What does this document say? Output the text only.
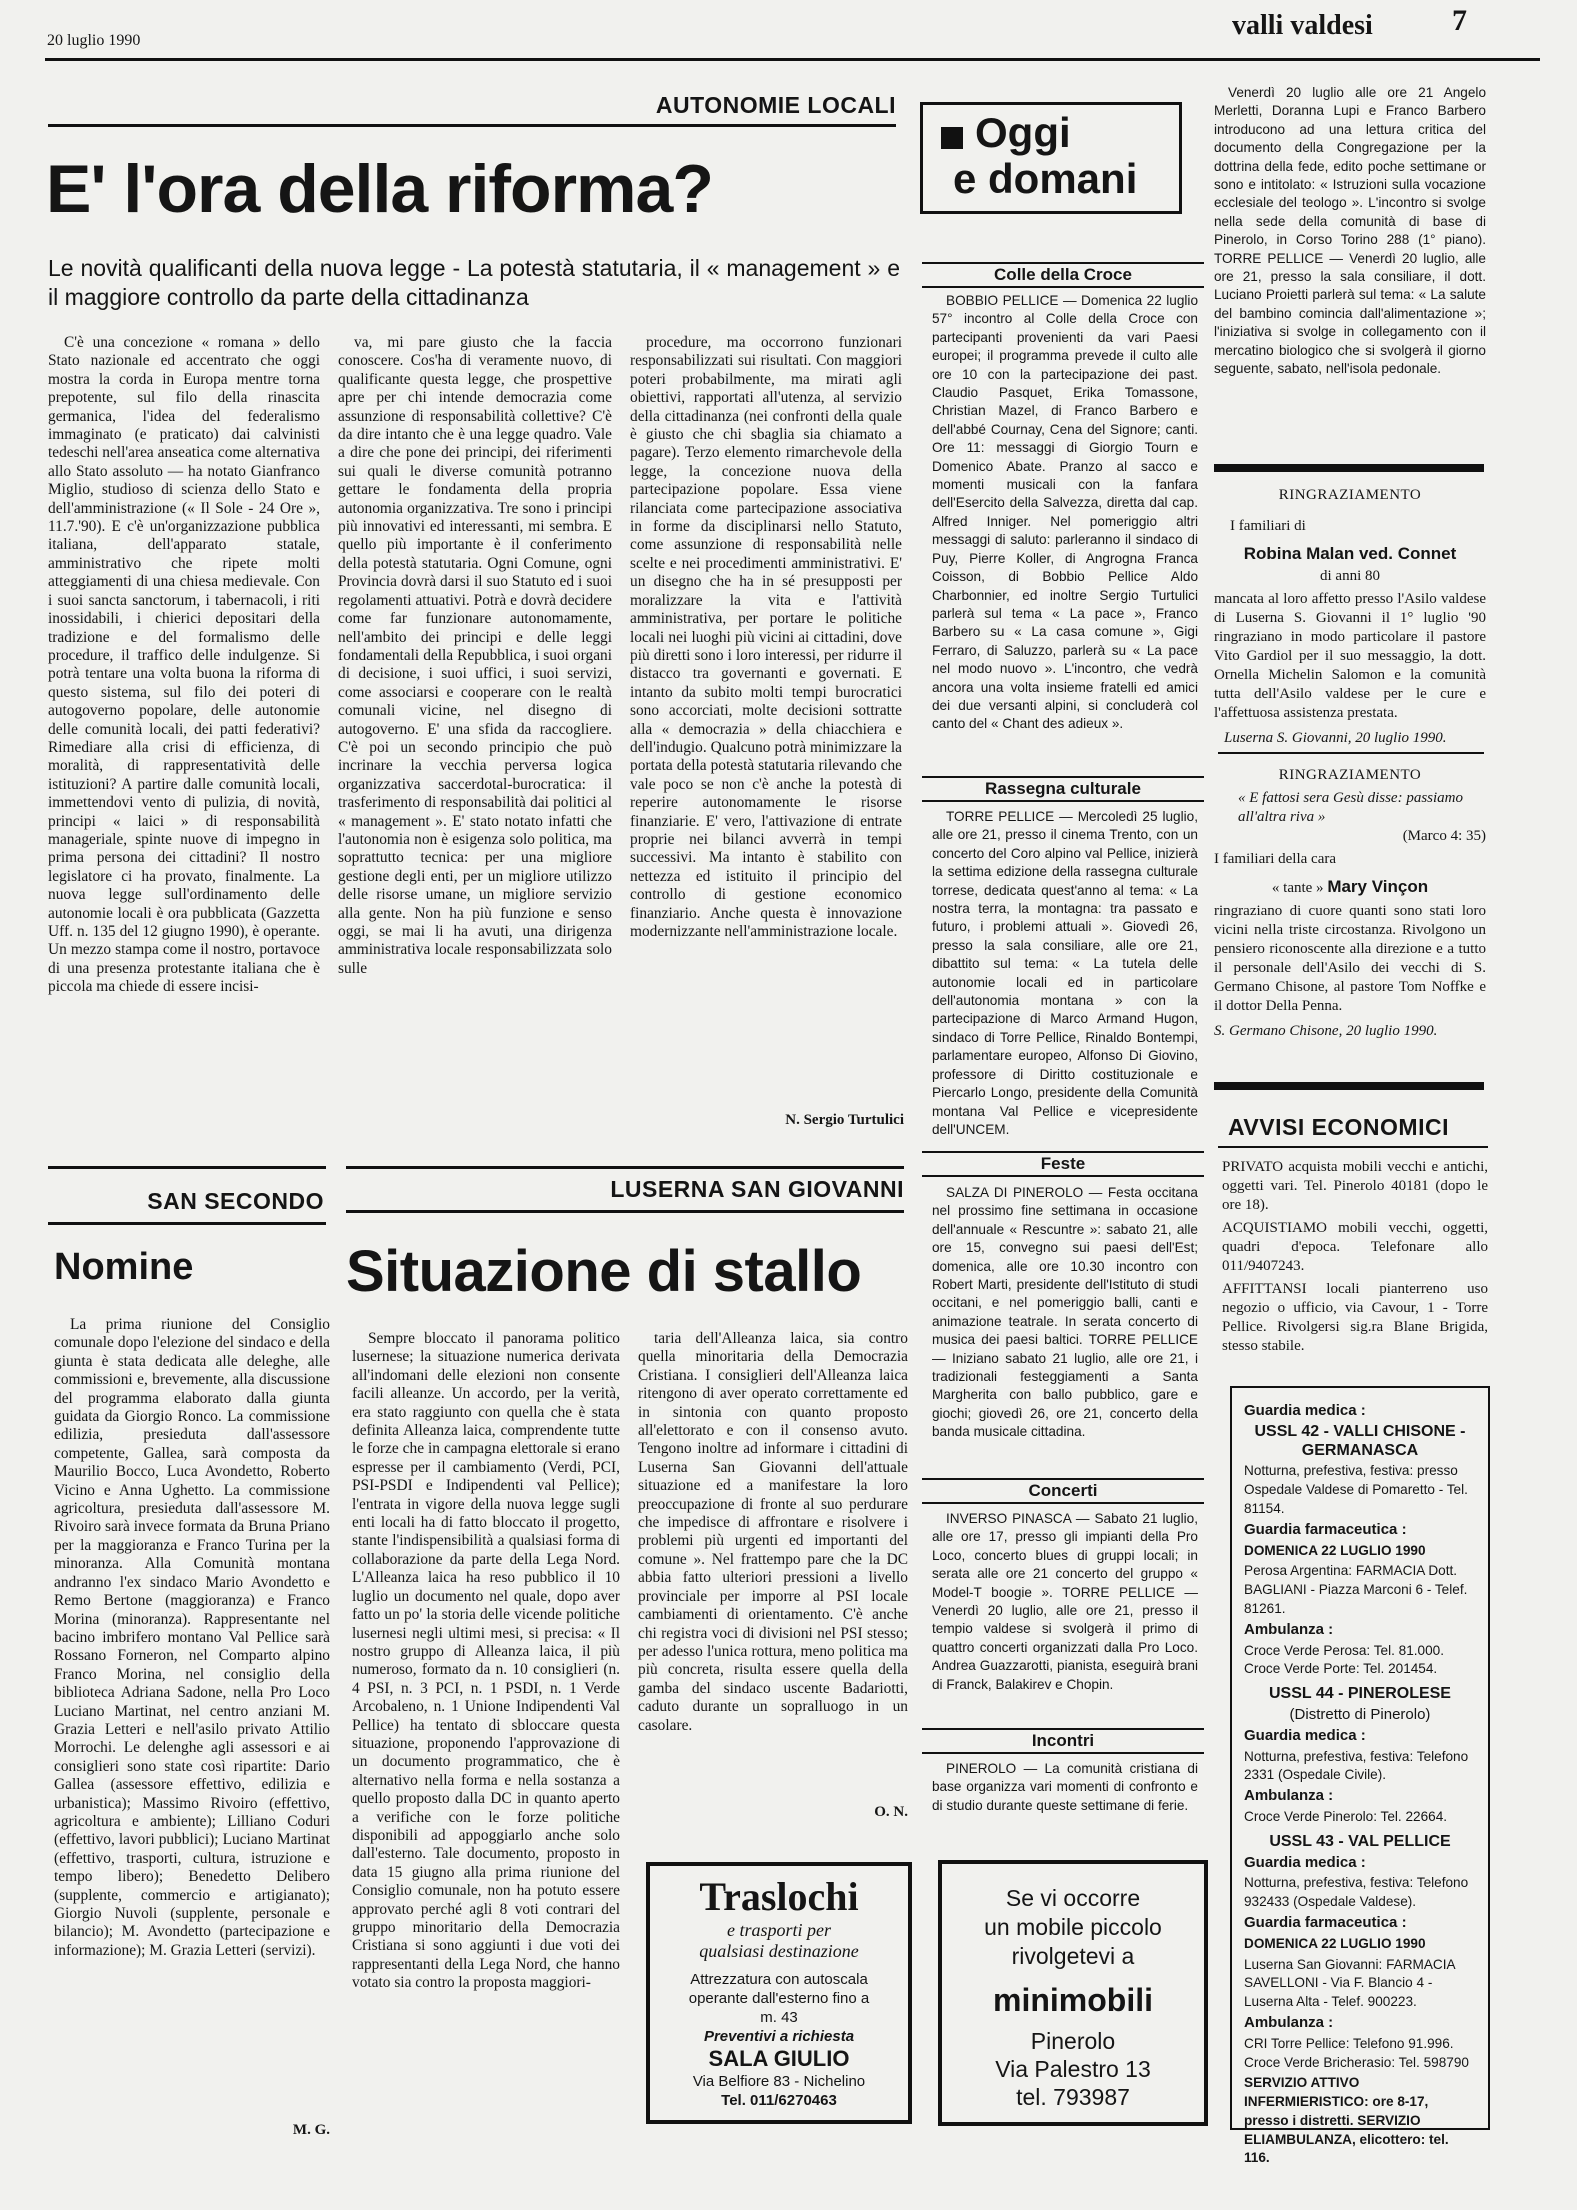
20 luglio 1990	valli valdesi	7
AUTONOMIE LOCALI
E' l'ora della riforma?
Le novità qualificanti della nuova legge - La potestà statutaria, il « management » e il maggiore controllo da parte della cittadinanza

C'è una concezione « romana » dello Stato nazionale ed accentrato che oggi mostra la corda in Europa mentre torna prepotente, sul filo della rinascita germanica, l'idea del federalismo immaginato (e praticato) dai calvinisti tedeschi nell'area anseatica come alternativa allo Stato assoluto — ha notato Gianfranco Miglio, studioso di scienza dello Stato e dell'amministrazione (« Il Sole - 24 Ore », 11.7.'90). E c'è un'organizzazione pubblica italiana, dell'apparato statale, amministrativo che ripete molti atteggiamenti di una chiesa medievale. Con i suoi sancta sanctorum, i tabernacoli, i riti inossidabili, i chierici depositari della tradizione e del formalismo delle procedure, il traffico delle indulgenze. Si potrà tentare una volta buona la riforma di questo sistema, sul filo dei poteri di autogoverno popolare, delle autonomie delle comunità locali, dei patti federativi? Rimediare alla crisi di efficienza, di moralità, di rappresentatività delle istituzioni? A partire dalle comunità locali, immettendovi vento di pulizia, di novità, principi « laici » di responsabilità manageriale, spinte nuove di impegno in prima persona dei cittadini? Il nostro legislatore ci ha provato, finalmente. La nuova legge sull'ordinamento delle autonomie locali è ora pubblicata (Gazzetta Uff. n. 135 del 12 giugno 1990), è operante. Un mezzo stampa come il nostro, portavoce di una presenza protestante italiana che è piccola ma chiede di essere incisi-

va, mi pare giusto che la faccia conoscere. Cos'ha di veramente nuovo, di qualificante questa legge, che prospettive apre per chi intende democrazia come assunzione di responsabilità collettive? C'è da dire intanto che è una legge quadro. Vale a dire che pone dei principi, dei riferimenti sui quali le diverse comunità potranno gettare le fondamenta della propria autonomia organizzativa. Tre sono i principi più innovativi ed interessanti, mi sembra. E quello più importante è il conferimento della potestà statutaria. Ogni Comune, ogni Provincia dovrà darsi il suo Statuto ed i suoi regolamenti attuativi. Potrà e dovrà decidere come far funzionare autonomamente, nell'ambito dei principi e delle leggi fondamentali della Repubblica, i suoi organi di decisione, i suoi uffici, i suoi servizi, come associarsi e cooperare con le realtà comunali vicine, nel disegno di autogoverno. E' una sfida da raccogliere. C'è poi un secondo principio che può incrinare la vecchia perversa logica organizzativa saccerdotal-burocratica: il trasferimento di responsabilità dai politici al « management ». E' stato notato infatti che l'autonomia non è esigenza solo politica, ma soprattutto tecnica: per una migliore gestione degli enti, per un migliore utilizzo delle risorse umane, un migliore servizio alla gente. Non ha più funzione e senso oggi, se mai li ha avuti, una dirigenza amministrativa locale responsabilizzata solo sulle

procedure, ma occorrono funzionari responsabilizzati sui risultati. Con maggiori poteri probabilmente, ma mirati agli obiettivi, rapportati all'utenza, al servizio della cittadinanza (nei confronti della quale è giusto che chi sbaglia sia chiamato a pagare). Terzo elemento rimarchevole della legge, la concezione nuova della partecipazione popolare. Essa viene rilanciata come partecipazione associativa in forme da disciplinarsi nello Statuto, come assunzione di responsabilità nelle scelte e nei procedimenti amministrativi. E' un disegno che ha in sé presupposti per moralizzare la vita e l'attività amministrativa, per portare le politiche locali nei luoghi più vicini ai cittadini, dove più diretti sono i loro interessi, per ridurre il distacco tra governanti e governati. E intanto da subito molti tempi burocratici sono accorciati, molte decisioni sottratte alla « democrazia » della chiacchiera e dell'indugio. Qualcuno potrà minimizzare la portata della potestà statutaria rilevando che vale poco se non c'è anche la potestà di reperire autonomamente le risorse finanziarie. E' vero, l'attivazione di entrate proprie nei bilanci avverrà in tempi successivi. Ma intanto è stabilito con nettezza ed istituito il principio del controllo di gestione economico finanziario. Anche questa è innovazione modernizzante nell'amministrazione locale.

N. Sergio Turtulici
Oggi
e domani
Colle della Croce

BOBBIO PELLICE — Domenica 22 luglio 57° incontro al Colle della Croce con partecipanti provenienti da vari Paesi europei; il programma prevede il culto alle ore 10 con la partecipazione dei past. Claudio Pasquet, Erika Tomassone, Christian Mazel, di Franco Barbero e dell'abbé Cournay, Cena del Signore; canti. Ore 11: messaggi di Giorgio Tourn e Domenico Abate. Pranzo al sacco e momenti musicali con la fanfara dell'Esercito della Salvezza, diretta dal cap. Alfred Inniger. Nel pomeriggio altri messaggi di saluto: parleranno il sindaco di Puy, Pierre Koller, di Angrogna Franca Coisson, di Bobbio Pellice Aldo Charbonnier, ed inoltre Sergio Turtulici parlerà sul tema « La pace », Franco Barbero su « La casa comune », Gigi Ferraro, di Saluzzo, parlerà su « La pace nel modo nuovo ». L'incontro, che vedrà ancora una volta insieme fratelli ed amici dei due versanti alpini, si concluderà col canto del « Chant des adieux ».

Rassegna culturale

TORRE PELLICE — Mercoledì 25 luglio, alle ore 21, presso il cinema Trento, con un concerto del Coro alpino val Pellice, inizierà la settima edizione della rassegna culturale torrese, dedicata quest'anno al tema: « La nostra terra, la montagna: tra passato e futuro, i problemi attuali ». Giovedì 26, presso la sala consiliare, alle ore 21, dibattito sul tema: « La tutela delle autonomie locali ed in particolare dell'autonomia montana » con la partecipazione di Marco Armand Hugon, sindaco di Torre Pellice, Rinaldo Bontempi, parlamentare europeo, Alfonso Di Giovino, professore di Diritto costituzionale e Piercarlo Longo, presidente della Comunità montana Val Pellice e vicepresidente dell'UNCEM.

Feste

SALZA DI PINEROLO — Festa occitana nel prossimo fine settimana in occasione dell'annuale « Rescuntre »: sabato 21, alle ore 15, convegno sui paesi dell'Est; domenica, alle ore 10.30 incontro con Robert Marti, presidente dell'Istituto di studi occitani, e nel pomeriggio balli, canti e animazione teatrale. In serata concerto di musica dei paesi baltici. TORRE PELLICE — Iniziano sabato 21 luglio, alle ore 21, i tradizionali festeggiamenti a Santa Margherita con ballo pubblico, gare e giochi; giovedì 26, ore 21, concerto della banda musicale cittadina.

Concerti

INVERSO PINASCA — Sabato 21 luglio, alle ore 17, presso gli impianti della Pro Loco, concerto blues di gruppi locali; in serata alle ore 21 concerto del gruppo « Model-T boogie ». TORRE PELLICE — Venerdì 20 luglio, alle ore 21, presso il tempio valdese si svolgerà il primo di quattro concerti organizzati dalla Pro Loco. Andrea Guazzarotti, pianista, eseguirà brani di Franck, Balakirev e Chopin.

Incontri

PINEROLO — La comunità cristiana di base organizza vari momenti di confronto e di studio durante queste settimane di ferie.

Venerdì 20 luglio alle ore 21 Angelo Merletti, Doranna Lupi e Franco Barbero introducono ad una lettura critica del documento della Congregazione per la dottrina della fede, edito poche settimane or sono e intitolato: « Istruzioni sulla vocazione ecclesiale del teologo ». L'incontro si svolge nella sede della comunità di base di Pinerolo, in Corso Torino 288 (1° piano). TORRE PELLICE — Venerdì 20 luglio, alle ore 21, presso la sala consiliare, il dott. Luciano Proietti parlerà sul tema: « La salute del bambino comincia dall'alimentazione »; l'iniziativa si svolge in collegamento con il mercatino biologico che si svolgerà il giorno seguente, sabato, nell'isola pedonale.

RINGRAZIAMENTO
I familiari di
Robina Malan ved. Connet
di anni 80
mancata al loro affetto presso l'Asilo valdese di Luserna S. Giovanni il 1° luglio '90 ringraziano in modo particolare il pastore Vito Gardiol per il suo messaggio, la dott. Ornella Michelin Salomon e la comunità tutta dell'Asilo valdese per le cure e l'affettuosa assistenza prestata.
Luserna S. Giovanni, 20 luglio 1990.
RINGRAZIAMENTO
« E fattosi sera Gesù disse: passiamo all'altra riva »
(Marco 4: 35)
I familiari della cara
« tante » Mary Vinçon
ringraziano di cuore quanti sono stati loro vicini nella triste circostanza. Rivolgono un pensiero riconoscente alla direzione e a tutto il personale dell'Asilo dei vecchi di S. Germano Chisone, al pastore Tom Noffke e il dottor Della Penna.
S. Germano Chisone, 20 luglio 1990.
AVVISI ECONOMICI

PRIVATO acquista mobili vecchi e antichi, oggetti vari. Tel. Pinerolo 40181 (dopo le ore 18).

ACQUISTIAMO mobili vecchi, oggetti, quadri d'epoca. Telefonare allo 011/9407243.

AFFITTANSI locali pianterreno uso negozio o ufficio, via Cavour, 1 - Torre Pellice. Rivolgersi sig.ra Blane Brigida, stesso stabile.

Guardia medica :

USSL 42 - VALLI CHISONE - GERMANASCA

Notturna, prefestiva, festiva: presso Ospedale Valdese di Pomaretto - Tel. 81154.

Guardia farmaceutica :

DOMENICA 22 LUGLIO 1990

Perosa Argentina: FARMACIA Dott. BAGLIANI - Piazza Marconi 6 - Telef. 81261.

Ambulanza :

Croce Verde Perosa: Tel. 81.000. Croce Verde Porte: Tel. 201454.

USSL 44 - PINEROLESE

(Distretto di Pinerolo)

Guardia medica :

Notturna, prefestiva, festiva: Telefono 2331 (Ospedale Civile).

Ambulanza :

Croce Verde Pinerolo: Tel. 22664.

USSL 43 - VAL PELLICE

Guardia medica :

Notturna, prefestiva, festiva: Telefono 932433 (Ospedale Valdese).

Guardia farmaceutica :

DOMENICA 22 LUGLIO 1990

Luserna San Giovanni: FARMACIA SAVELLONI - Via F. Blancio 4 - Luserna Alta - Telef. 900223.

Ambulanza :

CRI Torre Pellice: Telefono 91.996. Croce Verde Bricherasio: Tel. 598790

SERVIZIO ATTIVO INFERMIERISTICO: ore 8-17, presso i distretti. SERVIZIO ELIAMBULANZA, elicottero: tel. 116.

SAN SECONDO
Nomine

La prima riunione del Consiglio comunale dopo l'elezione del sindaco e della giunta è stata dedicata alle deleghe, alle commissioni e, brevemente, alla discussione del programma elaborato dalla giunta guidata da Giorgio Ronco. La commissione edilizia, presieduta dall'assessore competente, Gallea, sarà composta da Maurilio Bocco, Luca Avondetto, Roberto Vicino e Anna Ughetto. La commissione agricoltura, presieduta dall'assessore M. Rivoiro sarà invece formata da Bruna Priano per la maggioranza e Franco Turina per la minoranza. Alla Comunità montana andranno l'ex sindaco Mario Avondetto e Remo Bertone (maggioranza) e Franco Morina (minoranza). Rappresentante nel bacino imbrifero montano Val Pellice sarà Rossano Forneron, nel Comparto alpino Franco Morina, nel consiglio della biblioteca Adriana Sadone, nella Pro Loco Luciano Martinat, nel centro anziani M. Grazia Letteri e nell'asilo privato Attilio Morrochi. Le delenghe agli assessori e ai consiglieri sono state così ripartite: Dario Gallea (assessore effettivo, edilizia e urbanistica); Massimo Rivoiro (effettivo, agricoltura e ambiente); Lilliano Coduri (effettivo, lavori pubblici); Luciano Martinat (effettivo, trasporti, cultura, istruzione e tempo libero); Benedetto Delibero (supplente, commercio e artigianato); Giorgio Nuvoli (supplente, personale e bilancio); M. Avondetto (partecipazione e informazione); M. Grazia Letteri (servizi).

M. G.
LUSERNA SAN GIOVANNI
Situazione di stallo

Sempre bloccato il panorama politico lusernese; la situazione numerica derivata all'indomani delle elezioni non consente facili alleanze. Un accordo, per la verità, era stato raggiunto con quella che è stata definita Alleanza laica, comprendente tutte le forze che in campagna elettorale si erano espresse per il cambiamento (Verdi, PCI, PSI-PSDI e Indipendenti val Pellice); l'entrata in vigore della nuova legge sugli enti locali ha di fatto bloccato il progetto, stante l'indispensibilità a qualsiasi forma di collaborazione da parte della Lega Nord. L'Alleanza laica ha reso pubblico il 10 luglio un documento nel quale, dopo aver fatto un po' la storia delle vicende politiche lusernesi negli ultimi mesi, si precisa: « Il nostro gruppo di Alleanza laica, il più numeroso, formato da n. 10 consiglieri (n. 4 PSI, n. 3 PCI, n. 1 PSDI, n. 1 Verde Arcobaleno, n. 1 Unione Indipendenti Val Pellice) ha tentato di sbloccare questa situazione, proponendo l'approvazione di un documento programmatico, che è alternativo nella forma e nella sostanza a quello proposto dalla DC in quanto aperto a verifiche con le forze politiche disponibili ad appoggiarlo anche solo dall'esterno. Tale documento, proposto in data 15 giugno alla prima riunione del Consiglio comunale, non ha potuto essere approvato perché agli 8 voti contrari del gruppo minoritario della Democrazia Cristiana si sono aggiunti i due voti dei rappresentanti della Lega Nord, che hanno votato sia contro la proposta maggiori-

taria dell'Alleanza laica, sia contro quella minoritaria della Democrazia Cristiana. I consiglieri dell'Alleanza laica ritengono di aver operato correttamente ed in sintonia con quanto proposto all'elettorato e con il consenso avuto. Tengono inoltre ad informare i cittadini di Luserna San Giovanni dell'attuale situazione ed a manifestare la loro preoccupazione di fronte al suo perdurare che impedisce di affrontare e risolvere i problemi più urgenti ed importanti del comune ». Nel frattempo pare che la DC abbia fatto ulteriori pressioni a livello provinciale per imporre al PSI locale cambiamenti di orientamento. C'è anche chi registra voci di divisioni nel PSI stesso; per adesso l'unica rottura, meno politica ma più concreta, risulta essere quella della gamba del sindaco uscente Badariotti, caduto durante un sopralluogo in un casolare.

O. N.
Traslochi
e trasporti per
qualsiasi destinazione
Attrezzatura con autoscala
operante dall'esterno fino a
m. 43
Preventivi a richiesta
SALA GIULIO
Via Belfiore 83 - Nichelino
Tel. 011/6270463
Se vi occorre
un mobile piccolo
rivolgetevi a
minimobili
Pinerolo
Via Palestro 13
tel. 793987
